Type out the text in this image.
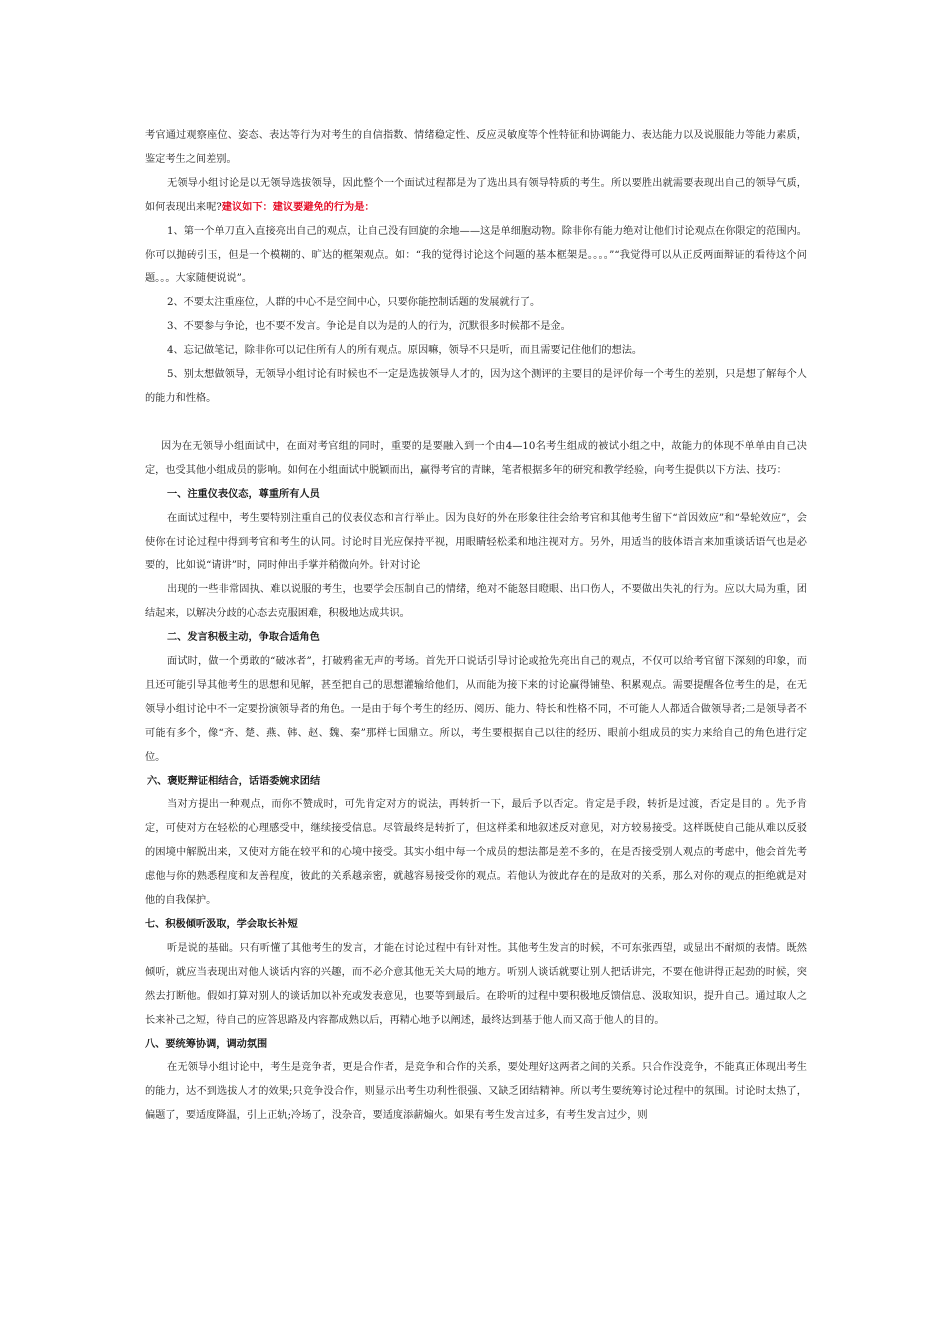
考官通过观察座位、姿态、表达等行为对考生的自信指数、情绪稳定性、反应灵敏度等个性特征和协调能力、表达能力以及说服能力等能力素质，鉴定考生之间差别。

无领导小组讨论是以无领导选拔领导，因此整个一个面试过程都是为了选出具有领导特质的考生。所以要胜出就需要表现出自己的领导气质，如何表现出来呢?建议如下：建议要避免的行为是：

1、第一个单刀直入直接亮出自己的观点，让自己没有回旋的余地——这是单细胞动物。除非你有能力绝对让他们讨论观点在你限定的范围内。你可以抛砖引玉，但是一个模糊的、旷达的框架观点。如：“我的觉得讨论这个问题的基本框架是。。。。”“我觉得可以从正反两面辩证的看待这个问题。。。大家随便说说”。

2、不要太注重座位，人群的中心不是空间中心，只要你能控制话题的发展就行了。

3、不要参与争论，也不要不发言。争论是自以为是的人的行为，沉默很多时候都不是金。

4、忘记做笔记，除非你可以记住所有人的所有观点。原因嘛，领导不只是听，而且需要记住他们的想法。

5、别太想做领导，无领导小组讨论有时候也不一定是选拔领导人才的，因为这个测评的主要目的是评价每一个考生的差别，只是想了解每个人的能力和性格。

因为在无领导小组面试中，在面对考官组的同时，重要的是要融入到一个由4—10名考生组成的被试小组之中，故能力的体现不单单由自己决定，也受其他小组成员的影响。如何在小组面试中脱颖而出，赢得考官的青睐，笔者根据多年的研究和教学经验，向考生提供以下方法、技巧：

一、注重仪表仪态，尊重所有人员

在面试过程中，考生要特别注重自己的仪表仪态和言行举止。因为良好的外在形象往往会给考官和其他考生留下“首因效应”和“晕轮效应”，会使你在讨论过程中得到考官和考生的认同。讨论时目光应保持平视，用眼睛轻松柔和地注视对方。另外，用适当的肢体语言来加重谈话语气也是必要的，比如说“请讲”时，同时伸出手掌并稍微向外。针对讨论

出现的一些非常固执、难以说服的考生，也要学会压制自己的情绪，绝对不能怒目瞪眼、出口伤人，不要做出失礼的行为。应以大局为重，团结起来，以解决分歧的心态去克服困难，积极地达成共识。

二、发言积极主动，争取合适角色

面试时，做一个勇敢的“破冰者”，打破鸦雀无声的考场。首先开口说话引导讨论或抢先亮出自己的观点，不仅可以给考官留下深刻的印象，而且还可能引导其他考生的思想和见解，甚至把自己的思想灌输给他们，从而能为接下来的讨论赢得铺垫、积累观点。需要提醒各位考生的是，在无领导小组讨论中不一定要扮演领导者的角色。一是由于每个考生的经历、阅历、能力、特长和性格不同，不可能人人都适合做领导者;二是领导者不可能有多个，像“齐、楚、燕、韩、赵、魏、秦”那样七国鼎立。所以，考生要根据自己以往的经历、眼前小组成员的实力来给自己的角色进行定位。

六、褒贬辩证相结合，话语委婉求团结

当对方提出一种观点，而你不赞成时，可先肯定对方的说法，再转折一下，最后予以否定。肯定是手段，转折是过渡，否定是目的 。先予肯定，可使对方在轻松的心理感受中，继续接受信息。尽管最终是转折了，但这样柔和地叙述反对意见，对方较易接受。这样既使自己能从难以反驳的困境中解脱出来，又使对方能在较平和的心境中接受。其实小组中每一个成员的想法都是差不多的，在是否接受别人观点的考虑中，他会首先考虑他与你的熟悉程度和友善程度，彼此的关系越亲密，就越容易接受你的观点。若他认为彼此存在的是敌对的关系，那么对你的观点的拒绝就是对他的自我保护。

七、积极倾听汲取，学会取长补短

听是说的基础。只有听懂了其他考生的发言，才能在讨论过程中有针对性。其他考生发言的时候，不可东张西望，或显出不耐烦的表情。既然倾听，就应当表现出对他人谈话内容的兴趣，而不必介意其他无关大局的地方。听别人谈话就要让别人把话讲完，不要在他讲得正起劲的时候，突然去打断他。假如打算对别人的谈话加以补充或发表意见，也要等到最后。在聆听的过程中要积极地反馈信息、汲取知识，提升自己。通过取人之长来补己之短，待自己的应答思路及内容都成熟以后，再精心地予以阐述，最终达到基于他人而又高于他人的目的。

八、要统筹协调，调动氛围

在无领导小组讨论中，考生是竞争者，更是合作者，是竞争和合作的关系，要处理好这两者之间的关系。只合作没竞争，不能真正体现出考生的能力，达不到选拔人才的效果;只竞争没合作，则显示出考生功利性很强、又缺乏团结精神。所以考生要统筹讨论过程中的氛围。讨论时太热了，偏题了，要适度降温，引上正轨;冷场了，没杂音，要适度添薪煽火。如果有考生发言过多，有考生发言过少，则
